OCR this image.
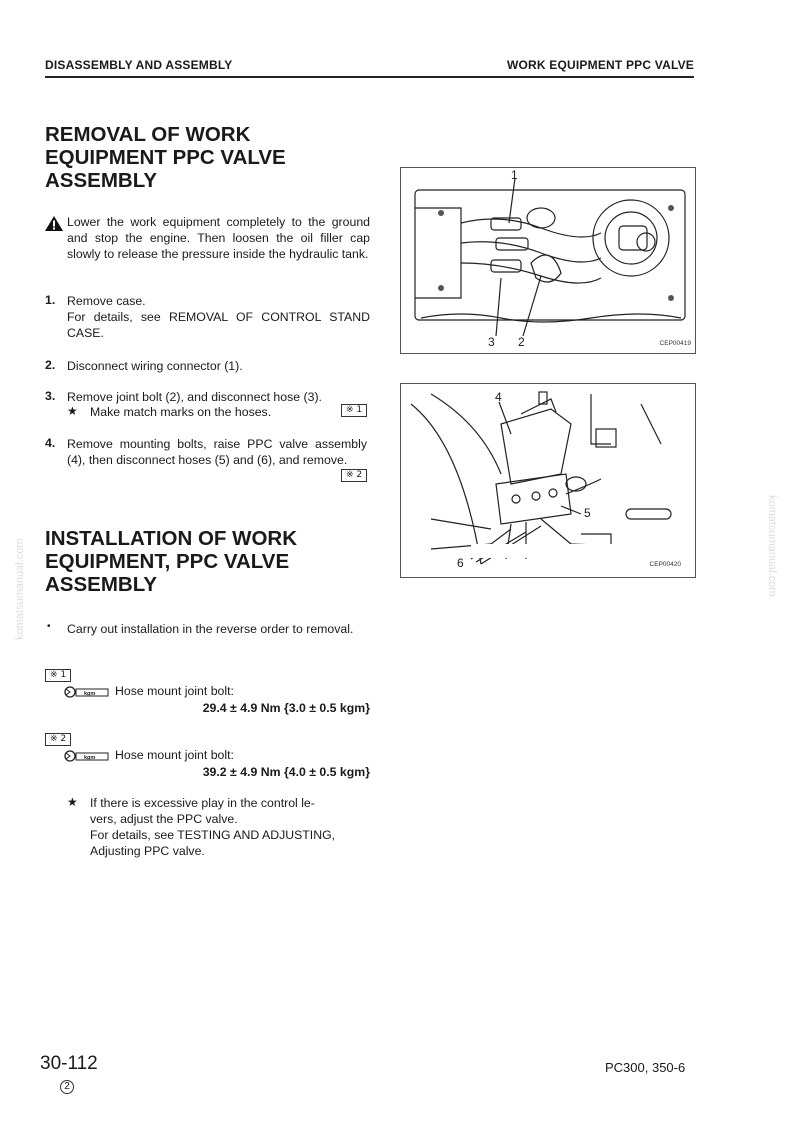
DISASSEMBLY AND ASSEMBLY	WORK EQUIPMENT PPC VALVE
REMOVAL OF WORK
EQUIPMENT PPC VALVE
ASSEMBLY

Lower the work equipment completely to the ground and stop the engine. Then loosen the oil filler cap slowly to release the pressure inside the hydraulic tank.

1. Remove case.
For details, see REMOVAL OF CONTROL STAND CASE.

2. Disconnect wiring connector (1).

3. Remove joint bolt (2), and disconnect hose (3).

★ Make match marks on the hoses.	※ 1
4. Remove mounting bolts, raise PPC valve assembly (4), then disconnect hoses (5) and (6), and remove.

※ 2
INSTALLATION OF WORK
EQUIPMENT, PPC VALVE
ASSEMBLY
• Carry out installation in the reverse order to removal.

※ 1
kgm Hose mount joint bolt:
29.4 ± 4.9 Nm {3.0 ± 0.5 kgm}
※ 2
kgm Hose mount joint bolt:
39.2 ± 4.9 Nm {4.0 ± 0.5 kgm}
★ If there is excessive play in the control le-
vers, adjust the PPC valve.
For details, see TESTING AND ADJUSTING,
Adjusting PPC valve.

1
3 2	CEP00419
4
5
6	CEP00420
komatsumanual.com	komatsumanual.com
30-112
2
PC300, 350-6
